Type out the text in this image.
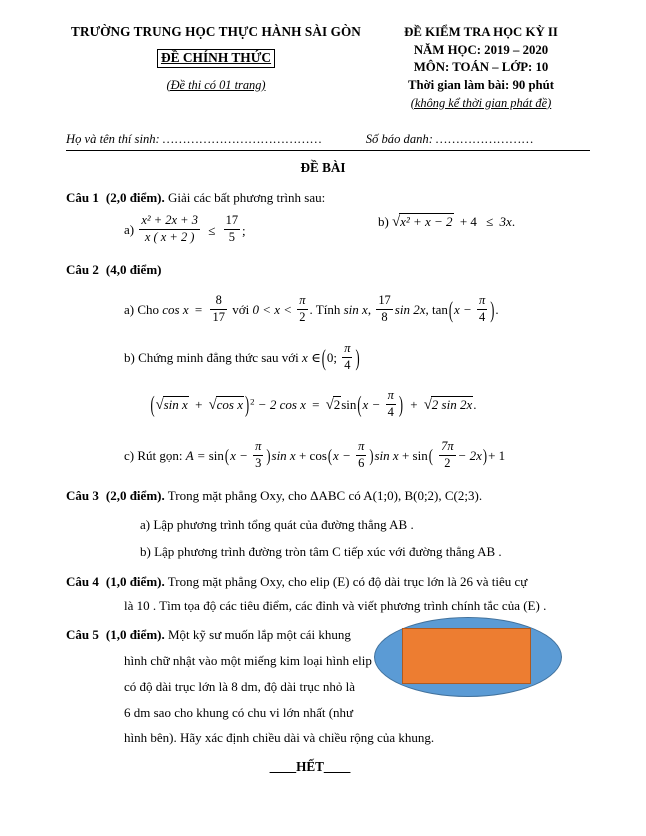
TRƯỜNG TRUNG HỌC THỰC HÀNH SÀI GÒN
ĐỀ CHÍNH THỨC
(Đề thi có 01 trang)
ĐỀ KIỂM TRA HỌC KỲ II
NĂM HỌC: 2019 – 2020
MÔN: TOÁN – LỚP: 10
Thời gian làm bài: 90 phút
(không kể thời gian phát đề)
Họ và tên thí sinh: …………………………………	Số báo danh: ……………………
ĐỀ BÀI
Câu 1 (2,0 điểm). Giải các bất phương trình sau:
$a) \frac{\text{x² + 2x + 3}}{x ( x + 2 )} \le \frac{17}{5}$ ;
b) √x² + x − 2 + 4 ≤ 3x.
Câu 2 (4,0 điểm)
a) Cho $\cos x = \frac{8}{17}$ với $0 < x < \frac{\pi}{2}$ . Tính sin x, $\frac{17}{8}$ sin 2x, $\tan(x - \frac{\pi}{4}$ ).
b) Chứng minh đẳng thức sau với x ∈(0; $\frac{\pi}{4}$ )
(√sin x + √cos x )$^2$ − 2 $\cos x = √2\sin(x - \frac{\pi}{4}$ ) + √2 sin 2x.
c) Rút gọn: $A = \sin(x - \frac{\pi}{3} )\sin$ $x + \cos(x - \frac{\pi}{6} )\sin$ $x + \sin( \frac{7\pi}{2} - 2x)+ 1$
Câu 3 (2,0 điểm). Trong mặt phẳng Oxy, cho ΔABC có A(1;0), B(0;2), C(2;3).
a) Lập phương trình tổng quát của đường thẳng AB .
b) Lập phương trình đường tròn tâm C tiếp xúc với đường thẳng AB .
Câu 4 (1,0 điểm). Trong mặt phẳng Oxy, cho elip (E) có độ dài trục lớn là 26 và tiêu cự
là 10 . Tìm tọa độ các tiêu điểm, các đỉnh và viết phương trình chính tắc của (E) .
Câu 5 (1,0 điểm). Một kỹ sư muốn lắp một cái khung
hình chữ nhật vào một miếng kim loại hình elip
có độ dài trục lớn là 8 dm, độ dài trục nhỏ là
6 dm sao cho khung có chu vi lớn nhất (như
hình bên). Hãy xác định chiều dài và chiều rộng của khung.
____HẾT____
